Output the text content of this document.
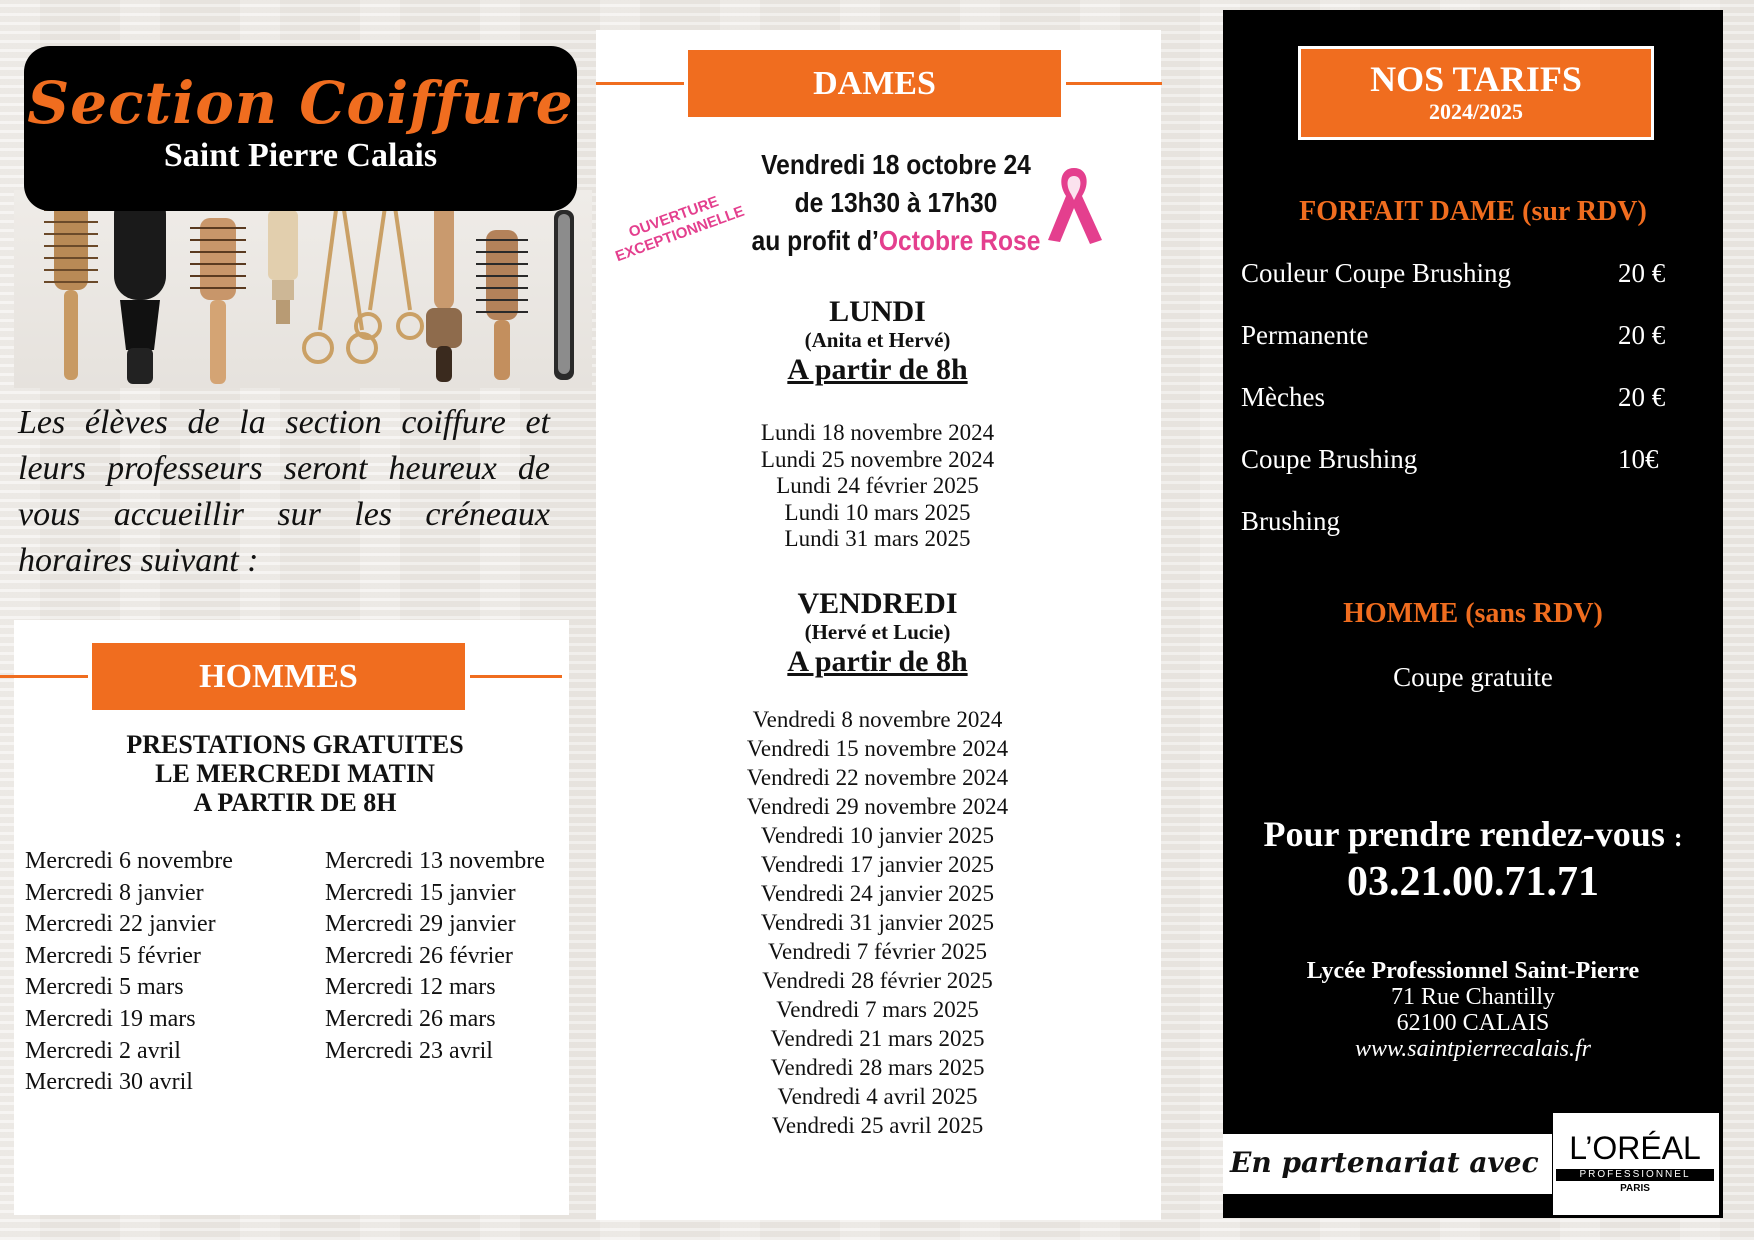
Section Coiffure
Saint Pierre Calais
Les élèves de la section coiffure et leurs professeurs seront heureux de vous accueillir sur les créneaux horaires suivant :
HOMMES
PRESTATIONS GRATUITES
LE MERCREDI MATIN
A PARTIR DE 8H
Mercredi 6 novembre
Mercredi 8 janvier
Mercredi 22 janvier
Mercredi 5 février
Mercredi 5 mars
Mercredi 19 mars
Mercredi 2 avril
Mercredi 30 avril
Mercredi 13 novembre
Mercredi 15 janvier
Mercredi 29 janvier
Mercredi 26 février
Mercredi 12 mars
Mercredi 26 mars
Mercredi 23 avril
DAMES
OUVERTURE EXCEPTIONNELLE
Vendredi 18 octobre 24
de 13h30 à 17h30
au profit d’Octobre Rose
LUNDI
(Anita et Hervé)
A partir de 8h
Lundi 18 novembre 2024
Lundi 25 novembre 2024
Lundi 24 février 2025
Lundi 10 mars 2025
Lundi 31 mars 2025
VENDREDI
(Hervé et Lucie)
A partir de 8h
Vendredi 8 novembre 2024
Vendredi 15 novembre 2024
Vendredi 22 novembre 2024
Vendredi 29 novembre 2024
Vendredi 10 janvier 2025
Vendredi 17 janvier 2025
Vendredi 24 janvier 2025
Vendredi 31 janvier 2025
Vendredi 7 février 2025
Vendredi 28 février 2025
Vendredi 7 mars 2025
Vendredi 21 mars 2025
Vendredi 28 mars 2025
Vendredi 4 avril 2025
Vendredi 25 avril 2025
NOS TARIFS
2024/2025
FORFAIT DAME (sur RDV)
Couleur Coupe Brushing	20 €
Permanente	20 €
Mèches	20 €
Coupe Brushing	10€
Brushing
HOMME (sans RDV)
Coupe gratuite
Pour prendre rendez-vous :
03.21.00.71.71
Lycée Professionnel Saint-Pierre
71 Rue Chantilly
62100 CALAIS
www.saintpierrecalais.fr
En partenariat avec L’ORÉAL
PROFESSIONNEL
PARIS
